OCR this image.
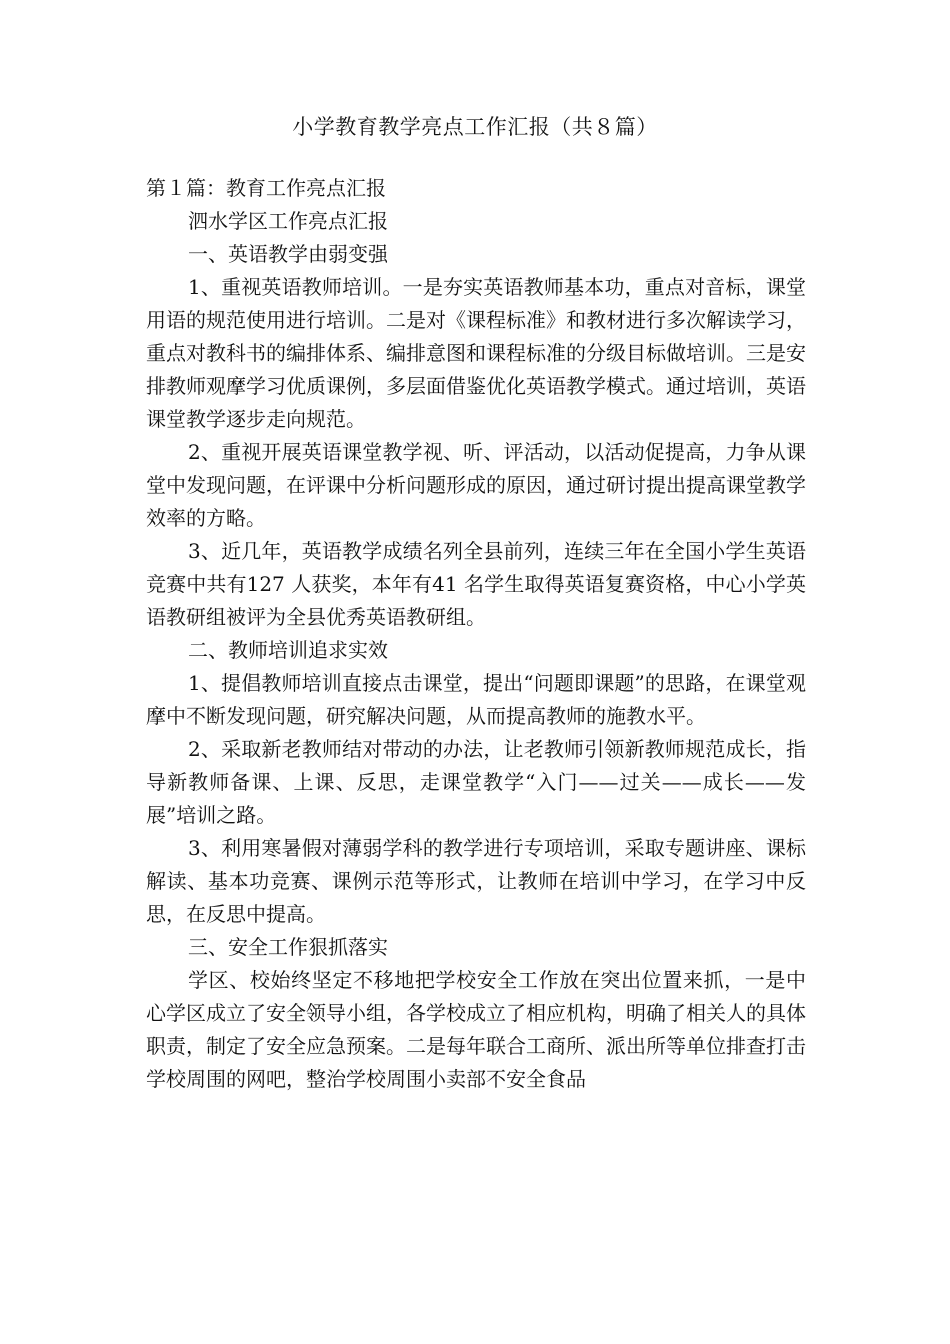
小学教育教学亮点工作汇报（共８篇）

第１篇：教育工作亮点汇报

泗水学区工作亮点汇报

一、英语教学由弱变强

1、重视英语教师培训。一是夯实英语教师基本功，重点对音标，课堂用语的规范使用进行培训。二是对《课程标准》和教材进行多次解读学习，重点对教科书的编排体系、编排意图和课程标准的分级目标做培训。三是安排教师观摩学习优质课例，多层面借鉴优化英语教学模式。通过培训，英语课堂教学逐步走向规范。

2、重视开展英语课堂教学视、听、评活动，以活动促提高，力争从课堂中发现问题，在评课中分析问题形成的原因，通过研讨提出提高课堂教学效率的方略。

3、近几年，英语教学成绩名列全县前列，连续三年在全国小学生英语竞赛中共有127 人获奖，本年有41 名学生取得英语复赛资格，中心小学英语教研组被评为全县优秀英语教研组。

二、教师培训追求实效

1、提倡教师培训直接点击课堂，提出“问题即课题”的思路，在课堂观摩中不断发现问题，研究解决问题，从而提高教师的施教水平。

2、采取新老教师结对带动的办法，让老教师引领新教师规范成长，指导新教师备课、上课、反思，走课堂教学“入门——过关——成长——发展”培训之路。

3、利用寒暑假对薄弱学科的教学进行专项培训，采取专题讲座、课标解读、基本功竞赛、课例示范等形式，让教师在培训中学习，在学习中反思，在反思中提高。

三、安全工作狠抓落实

学区、校始终坚定不移地把学校安全工作放在突出位置来抓，一是中心学区成立了安全领导小组，各学校成立了相应机构，明确了相关人的具体职责，制定了安全应急预案。二是每年联合工商所、派出所等单位排查打击学校周围的网吧，整治学校周围小卖部不安全食品
